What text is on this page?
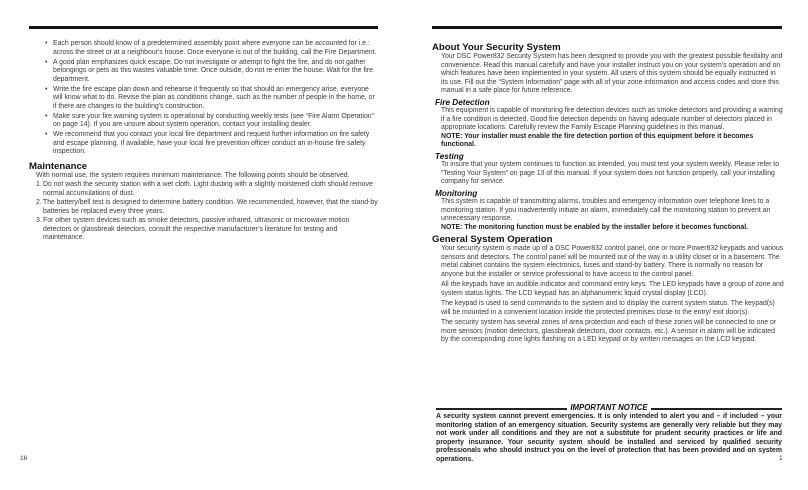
• Each person should know of a predetermined assembly point where everyone can be accounted for i.e.: across the street or at a neighbour's house. Once everyone is out of the building, call the Fire Department.
• A good plan emphasizes quick escape. Do not investigate or attempt to fight the fire, and do not gather belongings or pets as this wastes valuable time. Once outside, do not re-enter the house. Wait for the fire department.
• Write the fire escape plan down and rehearse it frequently so that should an emergency arise, everyone will know what to do. Revise the plan as conditions change, such as the number of people in the home, or if there are changes to the building's construction.
• Make sure your fire warning system is operational by conducting weekly tests (see “Fire Alarm Operation” on page 14). If you are unsure about system operation, contact your installing dealer.
• We recommend that you contact your local fire department and request further information on fire safety and escape planning. If available, have your local fire prevention officer conduct an in-house fire safety inspection.
Maintenance

With normal use, the system requires minimum maintenance. The following points should be observed.

1. Do not wash the security station with a wet cloth. Light dusting with a slightly moistened cloth should remove normal accumulations of dust.
2. The battery/bell test is designed to determine battery condition. We recommended, however, that the stand-by batteries be replaced every three years.
3. For other system devices such as smoke detectors, passive infrared, ultrasonic or microwave motion detectors or glassbreak detectors, consult the respective manufacturer’s literature for testing and maintenance.
16
About Your Security System

Your DSC Power832 Security System has been designed to provide you with the greatest possible flexibility and convenience. Read this manual carefully and have your installer instruct you on your system’s operation and on which features have been implemented in your system. All users of this system should be equally instructed in its use. Fill out the “System Information” page with all of your zone information and access codes and store this manual in a safe place for future reference.

Fire Detection

This equipment is capable of monitoring fire detection devices such as smoke detectors and providing a warning if a fire condition is detected. Good fire detection depends on having adequate number of detectors placed in appropriate locations. Carefully review the Family Escape Planning guidelines in this manual.

NOTE: Your installer must enable the fire detection portion of this equipment before it becomes functional.

Testing

To insure that your system continues to function as intended, you must test your system weekly. Please refer to “Testing Your System” on page 13 of this manual. If your system does not function properly, call your installing company for service.

Monitoring

This system is capable of transmitting alarms, troubles and emergency information over telephone lines to a monitoring station. If you inadvertently initiate an alarm, immediately call the monitoring station to prevent an unnecessary response.

NOTE: The monitoring function must be enabled by the installer before it becomes functional.

General System Operation

Your security system is made up of a DSC Power832 control panel, one or more Power832 keypads and various sensors and detectors. The control panel will be mounted out of the way in a utility closet or in a basement. The metal cabinet contains the system electronics, fuses and stand-by battery. There is normally no reason for anyone but the installer or service professional to have access to the control panel.

All the keypads have an audible indicator and command entry keys. The LED keypads have a group of zone and system status lights. The LCD keypad has an alphanumeric liquid crystal display (LCD).

The keypad is used to send commands to the system and to display the current system status. The keypad(s) will be mounted in a convenient location inside the protected premises close to the entry/ exit door(s).

The security system has several zones of area protection and each of these zones will be connected to one or more sensors (motion detectors, glassbreak detectors, door contacts, etc.). A sensor in alarm will be indicated by the corresponding zone lights flashing on a LED keypad or by written messages on the LCD keypad.

IMPORTANT NOTICE
A security system cannot prevent emergencies. It is only intended to alert you and – if included – your monitoring station of an emergency situation. Security systems are generally very reliable but they may not work under all conditions and they are not a substitute for prudent security practices or life and property insurance. Your security system should be installed and serviced by qualified security professionals who should instruct you on the level of protection that has been provided and on system operations.	1
